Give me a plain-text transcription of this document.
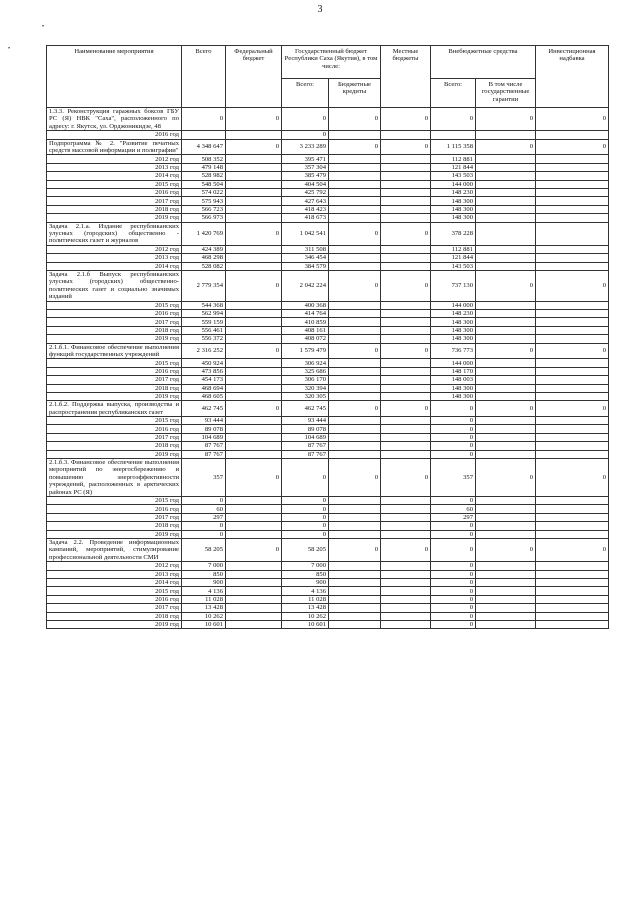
3
•
•	Наименование мероприятия	Всего	Федеральный бюджет	Государственный бюджет Республики Саха (Якутия), в том числе:		Местные бюджеты	Внебюджетные средства		Инвестиционная надбавка
			Всего:	Бюджетные кредиты		Всего:	В том числе государственные гарантии	
1.3.3. Реконструкция гаражных боксов ГБУ РС (Я) НВК "Саха", расположенного по адресу: г. Якутск, ул. Орджоникидзе, 48	0	0	0	0	0	0	0	0
2016 год			0					
Подпрограмма № 2. "Развитие печатных средств массовой информации и полиграфии"	4 348 647	0	3 233 289	0	0	1 115 358	0	0
2012 год	508 352		395 471			112 881		
2013 год	479 148		357 304			121 844		
2014 год	528 982		385 479			143 503		
2015 год	548 504		404 504			144 000		
2016 год	574 022		425 792			148 230		
2017 год	575 943		427 643			148 300		
2018 год	566 723		418 423			148 300		
2019 год	566 973		418 673			148 300		
Задача 2.1.а. Издание республиканских улусных (городских) общественно - политических газет и журналов	1 420 769	0	1 042 541	0	0	378 228		
2012 год	424 389		311 508			112 881		
2013 год	468 298		346 454			121 844		
2014 год	528 082		384 579			143 503		
Задача 2.1.б Выпуск республиканских улусных (городских) общественно-политических газет и социально значимых изданий	2 779 354	0	2 042 224	0	0	737 130	0	0
2015 год	544 368		400 368			144 000		
2016 год	562 994		414 764			148 230		
2017 год	559 159		410 859			148 300		
2018 год	556 461		408 161			148 300		
2019 год	556 372		408 072			148 300		
2.1.б.1. Финансовое обеспечение выполнения функций государственных учреждений	2 316 252	0	1 579 479	0	0	736 773	0	0
2015 год	450 924		306 924			144 000		
2016 год	473 856		325 686			148 170		
2017 год	454 173		306 170			148 003		
2018 год	468 694		320 394			148 300		
2019 год	468 605		320 305			148 300		
2.1.б.2. Поддержка выпуска, производства и распространения республиканских газет	462 745	0	462 745	0	0	0	0	0
2015 год	93 444		93 444			0		
2016 год	89 078		89 078			0		
2017 год	104 689		104 689			0		
2018 год	87 767		87 767			0		
2019 год	87 767		87 767			0		
2.1.б.3. Финансовое обеспечение выполнения мероприятий по энергосбережению и повышению энергоэффективности учреждений, расположенных в арктических районах РС (Я)	357	0	0	0	0	357	0	0
2015 год	0		0			0		
2016 год	60		0			60		
2017 год	297		0			297		
2018 год	0		0			0		
2019 год	0		0			0		
Задача 2.2. Проведение информационных кампаний, мероприятий, стимулирование профессиональной деятельности СМИ	58 205	0	58 205	0	0	0	0	0
2012 год	7 000		7 000			0		
2013 год	850		850			0		
2014 год	900		900			0		
2015 год	4 136		4 136			0		
2016 год	11 028		11 028			0		
2017 год	13 428		13 428			0		
2018 год	10 262		10 262			0		
2019 год	10 601		10 601			0		
